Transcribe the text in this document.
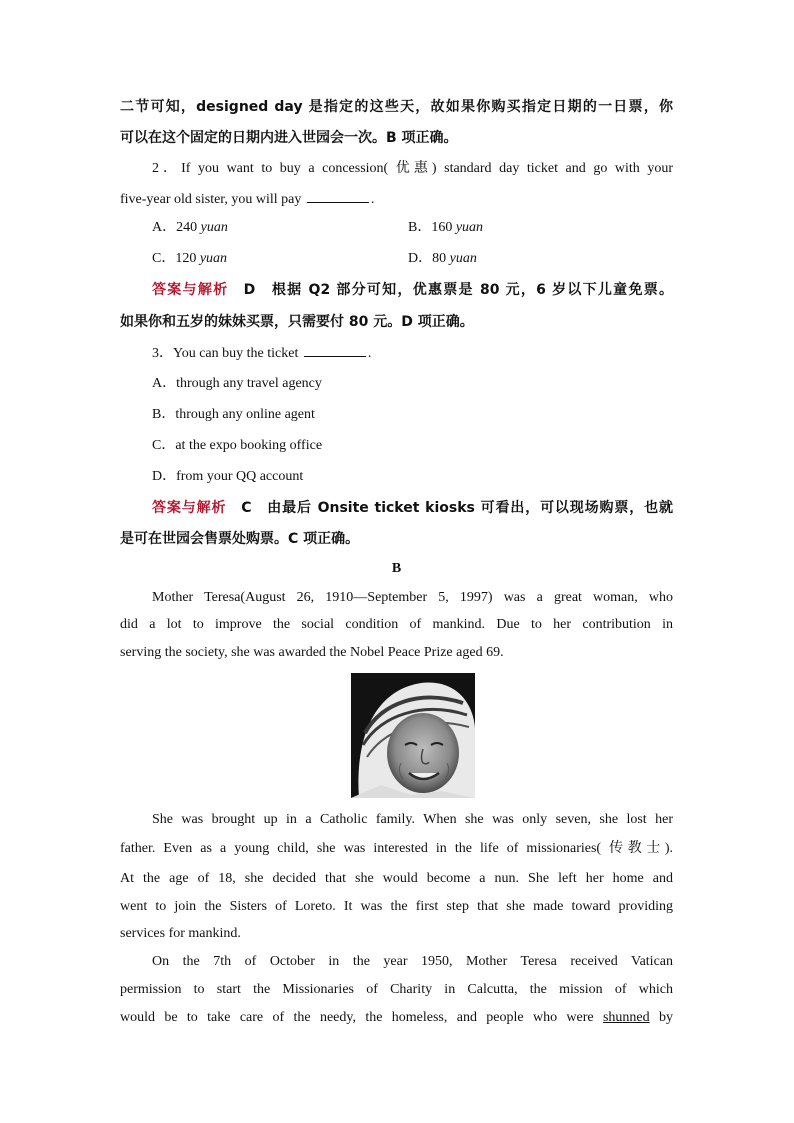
二节可知，designed day 是指定的这些天，故如果你购买指定日期的一日票，你
可以在这个固定的日期内进入世园会一次。B 项正确。
2．If you want to buy a concession( 优惠) standard day ticket and go with your
five-year old sister, you will pay	.
A．240 yuan	B．160 yuan
C．120 yuan	D．80 yuan
答案与解析　 D　根据 Q2 部分可知，优惠票是 80 元，6 岁以下儿童免票。
如果你和五岁的妹妹买票，只需要付 80 元。D 项正确。
3．You can buy the ticket	.
A．through any travel agency
B．through any online agent
C．at the expo booking office
D．from your QQ account
答案与解析　 C　由最后 Onsite ticket kiosks 可看出，可以现场购票，也就
是可在世园会售票处购票。C 项正确。
B
Mother Teresa(August 26, 1910—September 5, 1997) was a great woman, who
did a lot to improve the social condition of mankind. Due to her contribution in
serving the society, she was awarded the Nobel Peace Prize aged 69.
She was brought up in a Catholic family. When she was only seven, she lost her
father. Even as a young child, she was interested in the life of missionaries( 传教士).
At the age of 18, she decided that she would become a nun. She left her home and
went to join the Sisters of Loreto. It was the first step that she made toward providing
services for mankind.
On the 7th of October in the year 1950, Mother Teresa received Vatican
permission to start the Missionaries of Charity in Calcutta, the mission of which
would be to take care of the needy, the homeless, and people who were shunned by
